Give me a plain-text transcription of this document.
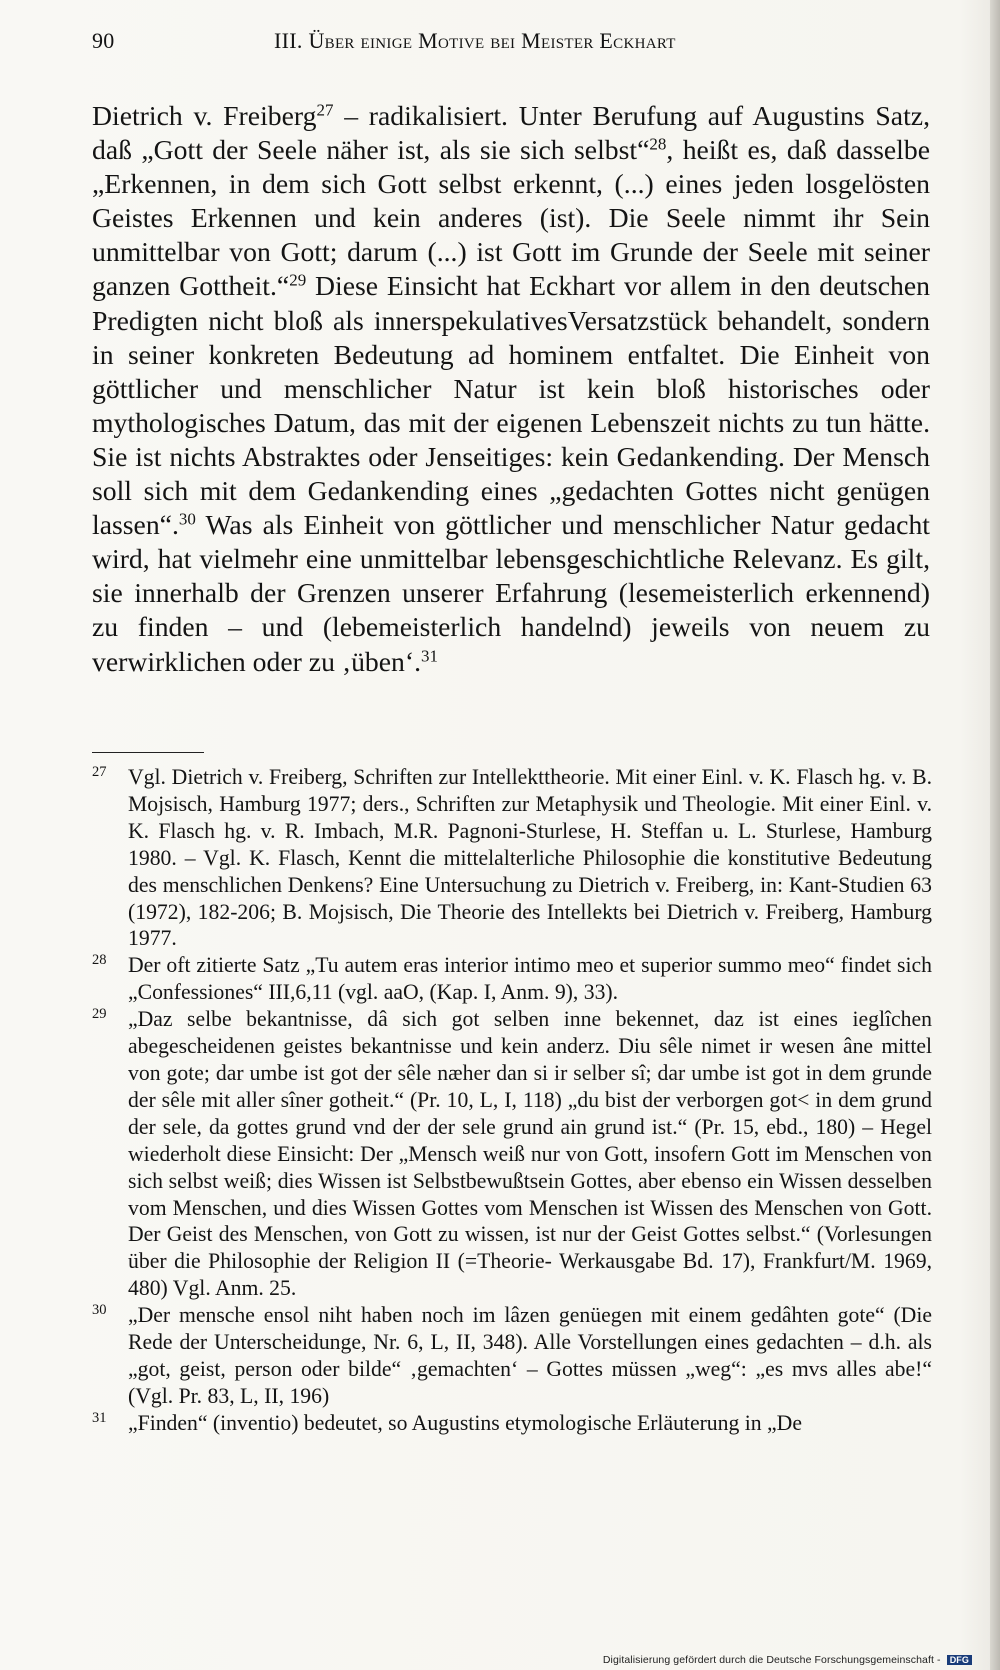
90	III. Über einige Motive bei Meister Eckhart
Dietrich v. Freiberg$^{27}$ – radikalisiert. Unter Berufung auf Augustins Satz, daß „Gott der Seele näher ist, als sie sich selbst“$^{28}$, heißt es, daß dasselbe „Erkennen, in dem sich Gott selbst erkennt, (...) eines jeden losgelösten Geistes Erkennen und kein anderes (ist). Die Seele nimmt ihr Sein unmittelbar von Gott; darum (...) ist Gott im Grunde der Seele mit seiner ganzen Gottheit.“$^{29}$ Diese Einsicht hat Eckhart vor allem in den deutschen Predigten nicht bloß als innerspekulativesVersatzstück behandelt, sondern in seiner konkreten Bedeutung ad hominem entfaltet. Die Einheit von göttlicher und menschlicher Natur ist kein bloß historisches oder mythologisches Datum, das mit der eigenen Lebenszeit nichts zu tun hätte. Sie ist nichts Abstraktes oder Jenseitiges: kein Gedankending. Der Mensch soll sich mit dem Gedankending eines „gedachten Gottes nicht genügen lassen“.$^{30}$ Was als Einheit von göttlicher und menschlicher Natur gedacht wird, hat vielmehr eine unmittelbar lebensgeschichtliche Relevanz. Es gilt, sie innerhalb der Grenzen unserer Erfahrung (lesemeisterlich erkennend) zu finden – und (lebemeisterlich handelnd) jeweils von neuem zu verwirklichen oder zu ‚üben‘.$^{31}$
27 Vgl. Dietrich v. Freiberg, Schriften zur Intellekttheorie. Mit einer Einl. v. K. Flasch hg. v. B. Mojsisch, Hamburg 1977; ders., Schriften zur Metaphysik und Theologie. Mit einer Einl. v. K. Flasch hg. v. R. Imbach, M.R. Pagnoni-Sturlese, H. Steffan u. L. Sturlese, Hamburg 1980. – Vgl. K. Flasch, Kennt die mittelalterliche Philosophie die konstitutive Bedeutung des menschlichen Denkens? Eine Untersuchung zu Dietrich v. Freiberg, in: Kant-Studien 63 (1972), 182-206; B. Mojsisch, Die Theorie des Intellekts bei Dietrich v. Freiberg, Hamburg 1977.
28 Der oft zitierte Satz „Tu autem eras interior intimo meo et superior summo meo“ findet sich „Confessiones“ III,6,11 (vgl. aaO, (Kap. I, Anm. 9), 33).
29 „Daz selbe bekantnisse, dâ sich got selben inne bekennet, daz ist eines ieglîchen abegescheidenen geistes bekantnisse und kein anderz. Diu sêle nimet ir wesen âne mittel von gote; dar umbe ist got der sêle næher dan si ir selber sî; dar umbe ist got in dem grunde der sêle mit aller sîner gotheit.“ (Pr. 10, L, I, 118) „du bist der verborgen got< in dem grund der sele, da gottes grund vnd der der sele grund ain grund ist.“ (Pr. 15, ebd., 180) – Hegel wiederholt diese Einsicht: Der „Mensch weiß nur von Gott, insofern Gott im Menschen von sich selbst weiß; dies Wissen ist Selbstbewußtsein Gottes, aber ebenso ein Wissen desselben vom Menschen, und dies Wissen Gottes vom Menschen ist Wissen des Menschen von Gott. Der Geist des Menschen, von Gott zu wissen, ist nur der Geist Gottes selbst.“ (Vorlesungen über die Philosophie der Religion II (=Theorie- Werkausgabe Bd. 17), Frankfurt/M. 1969, 480) Vgl. Anm. 25.
30 „Der mensche ensol niht haben noch im lâzen genüegen mit einem gedâhten gote“ (Die Rede der Unterscheidunge, Nr. 6, L, II, 348). Alle Vorstellungen eines gedachten – d.h. als „got, geist, person oder bilde“ ‚gemachten‘ – Gottes müssen „weg“: „es mvs alles abe!“ (Vgl. Pr. 83, L, II, 196)
31 „Finden“ (inventio) bedeutet, so Augustins etymologische Erläuterung in „De
Digitalisierung gefördert durch die Deutsche Forschungsgemeinschaft - DFG
